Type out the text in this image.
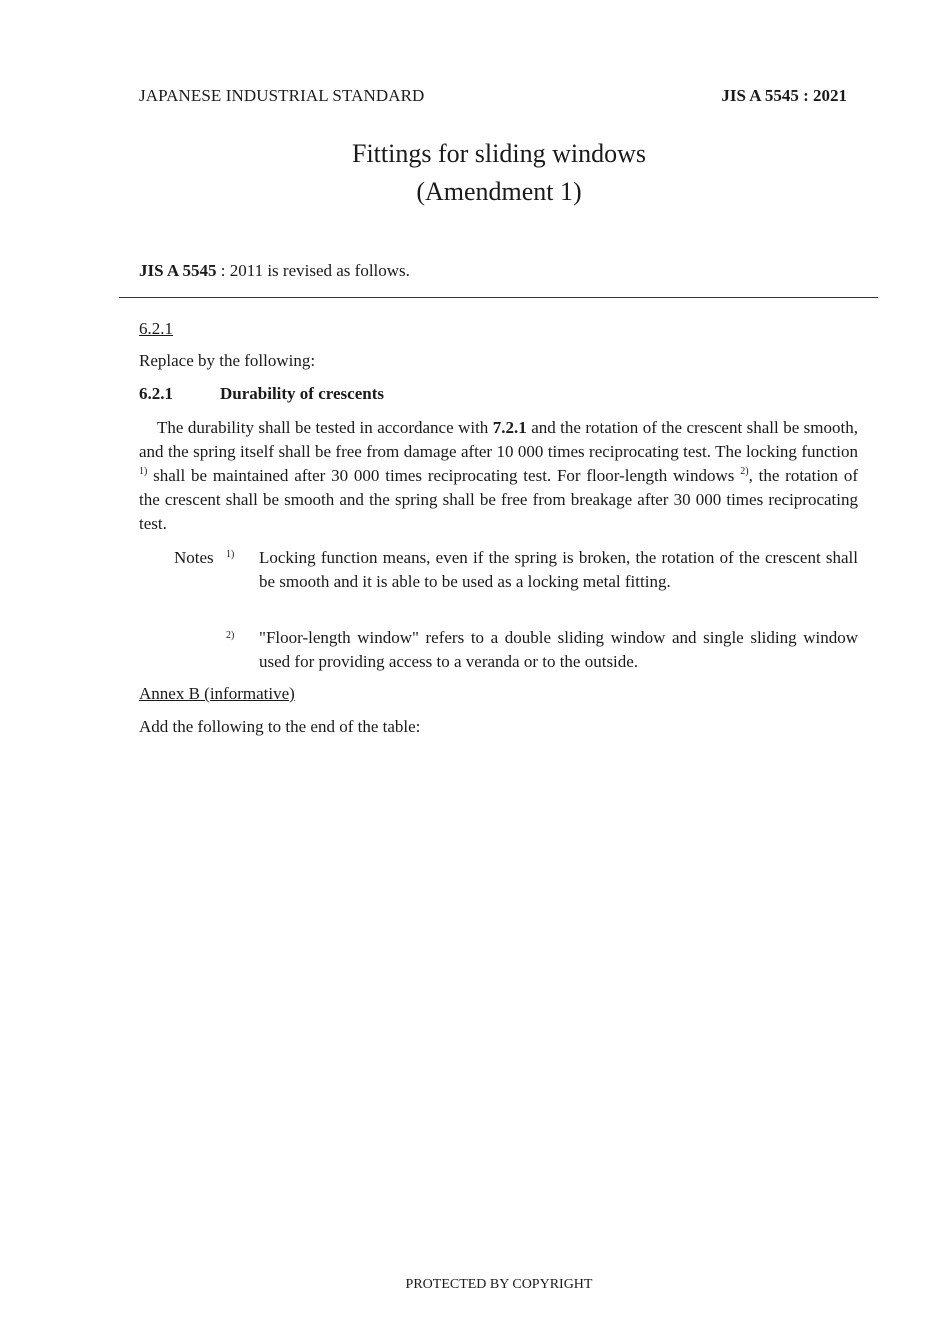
JAPANESE INDUSTRIAL STANDARD	JIS A 5545 : 2021
Fittings for sliding windows
(Amendment 1)
JIS A 5545 : 2011 is revised as follows.
6.2.1
Replace by the following:
6.2.1	Durability of crescents
The durability shall be tested in accordance with 7.2.1 and the rotation of the crescent shall be smooth, and the spring itself shall be free from damage after 10 000 times reciprocating test. The locking function $^{1)}$ shall be maintained after 30 000 times reciprocating test. For floor-length windows $^{2)}$, the rotation of the crescent shall be smooth and the spring shall be free from breakage after 30 000 times reciprocating test.
Notes 1) Locking function means, even if the spring is broken, the rotation of the crescent shall be smooth and it is able to be used as a locking metal fitting.
2) "Floor-length window" refers to a double sliding window and single sliding window used for providing access to a veranda or to the outside.
Annex B (informative)
Add the following to the end of the table:
PROTECTED BY COPYRIGHT
